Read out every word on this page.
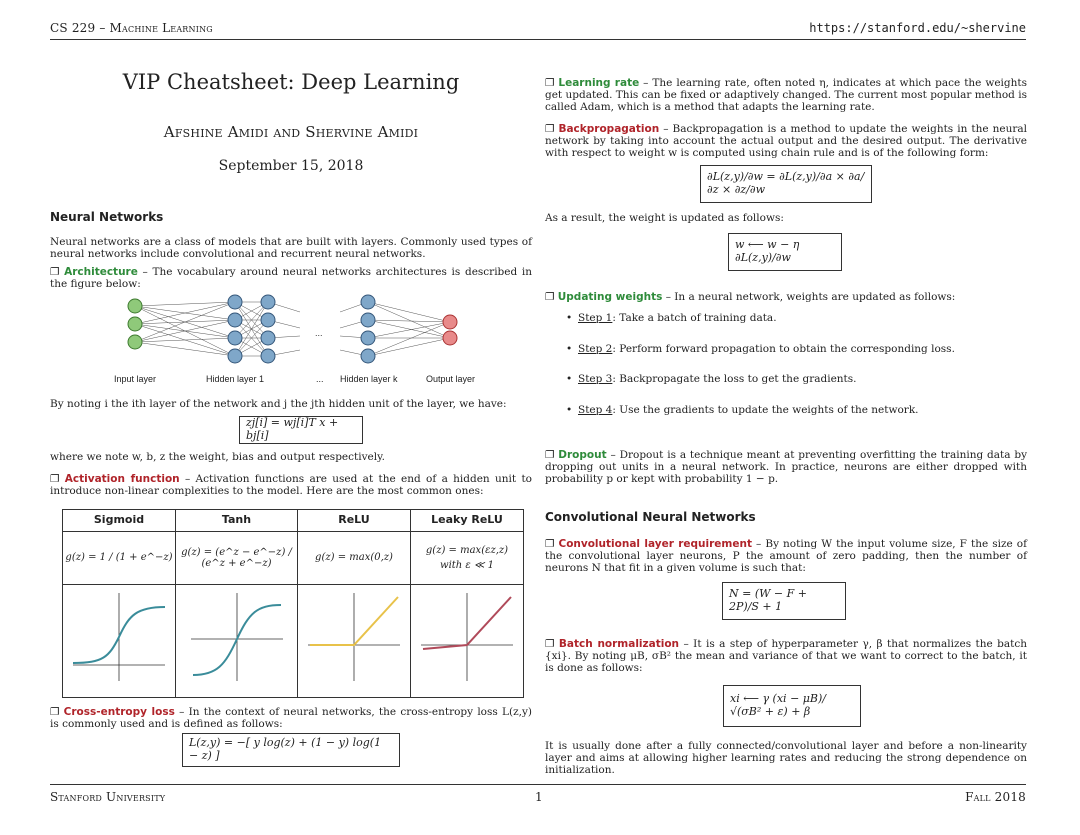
CS 229 – Machine Learning	https://stanford.edu/~shervine
VIP Cheatsheet: Deep Learning
Afshine Amidi and Shervine Amidi
September 15, 2018
Neural Networks
Neural networks are a class of models that are built with layers. Commonly used types of neural networks include convolutional and recurrent neural networks.
❐ Architecture – The vocabulary around neural networks architectures is described in the figure below:
...
Input layer	Hidden layer 1	... Hidden layer k	Output layer
By noting i the ith layer of the network and j the jth hidden unit of the layer, we have:
zj[i] = wj[i]T x + bj[i]
where we note w, b, z the weight, bias and output respectively.
❐ Activation function – Activation functions are used at the end of a hidden unit to introduce non-linear complexities to the model. Here are the most common ones:
Sigmoid	Tanh	ReLU	Leaky ReLU
g(z) = 1 / (1 + e^−z)	g(z) = (e^z − e^−z) / (e^z + e^−z)	g(z) = max(0,z)	g(z) = max(εz,z)
with ε ≪ 1

❐ Cross-entropy loss – In the context of neural networks, the cross-entropy loss L(z,y) is commonly used and is defined as follows:
L(z,y) = −[ y log(z) + (1 − y) log(1 − z) ]
❐ Learning rate – The learning rate, often noted η, indicates at which pace the weights get updated. This can be fixed or adaptively changed. The current most popular method is called Adam, which is a method that adapts the learning rate.
❐ Backpropagation – Backpropagation is a method to update the weights in the neural network by taking into account the actual output and the desired output. The derivative with respect to weight w is computed using chain rule and is of the following form:
∂L(z,y)/∂w = ∂L(z,y)/∂a × ∂a/∂z × ∂z/∂w
As a result, the weight is updated as follows:
w ⟵ w − η ∂L(z,y)/∂w
❐ Updating weights – In a neural network, weights are updated as follows:
• Step 1: Take a batch of training data.
• Step 2: Perform forward propagation to obtain the corresponding loss.
• Step 3: Backpropagate the loss to get the gradients.
• Step 4: Use the gradients to update the weights of the network.
❐ Dropout – Dropout is a technique meant at preventing overfitting the training data by dropping out units in a neural network. In practice, neurons are either dropped with probability p or kept with probability 1 − p.
Convolutional Neural Networks
❐ Convolutional layer requirement – By noting W the input volume size, F the size of the convolutional layer neurons, P the amount of zero padding, then the number of neurons N that fit in a given volume is such that:
N = (W − F + 2P)/S + 1
❐ Batch normalization – It is a step of hyperparameter γ, β that normalizes the batch {xi}. By noting μB, σB² the mean and variance of that we want to correct to the batch, it is done as follows:
xi ⟵ γ (xi − μB)/√(σB² + ε) + β
It is usually done after a fully connected/convolutional layer and before a non-linearity layer and aims at allowing higher learning rates and reducing the strong dependence on initialization.
Stanford University	1	Fall 2018
